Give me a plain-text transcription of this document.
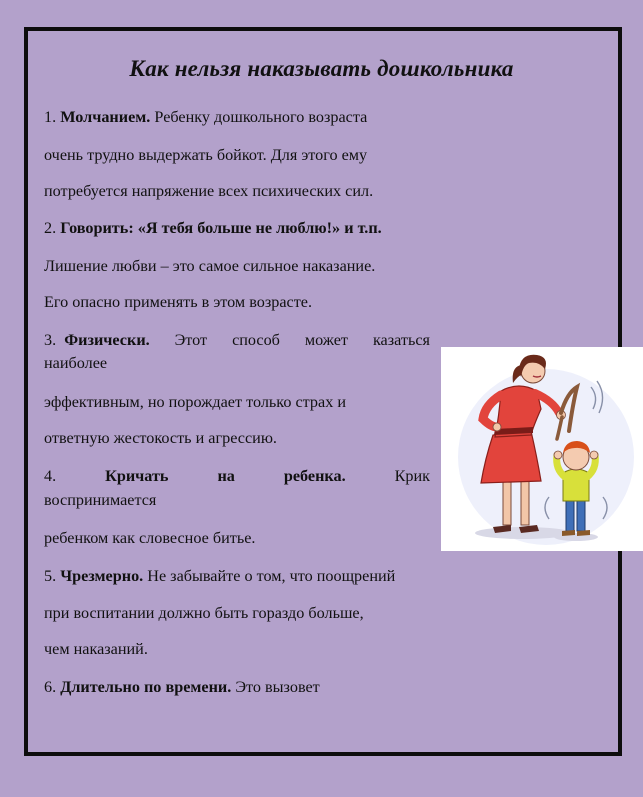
Как нельзя наказывать дошкольника
1. Молчанием. Ребенку дошкольного возраста
очень трудно выдержать бойкот. Для этого ему
потребуется напряжение всех психических сил.
2. Говорить: «Я тебя больше не люблю!» и т.п.
Лишение любви – это самое сильное наказание.
Его опасно применять в этом возрасте.
3. Физически. Этот способ может казаться
наиболее
эффективным, но порождает только страх и
ответную жестокость и агрессию.
4.	Кричать	на	ребенка.	Крик
воспринимается
ребенком как словесное битье.
5. Чрезмерно. Не забывайте о том, что поощрений
при воспитании должно быть гораздо больше,
чем наказаний.
6. Длительно по времени. Это вызовет
